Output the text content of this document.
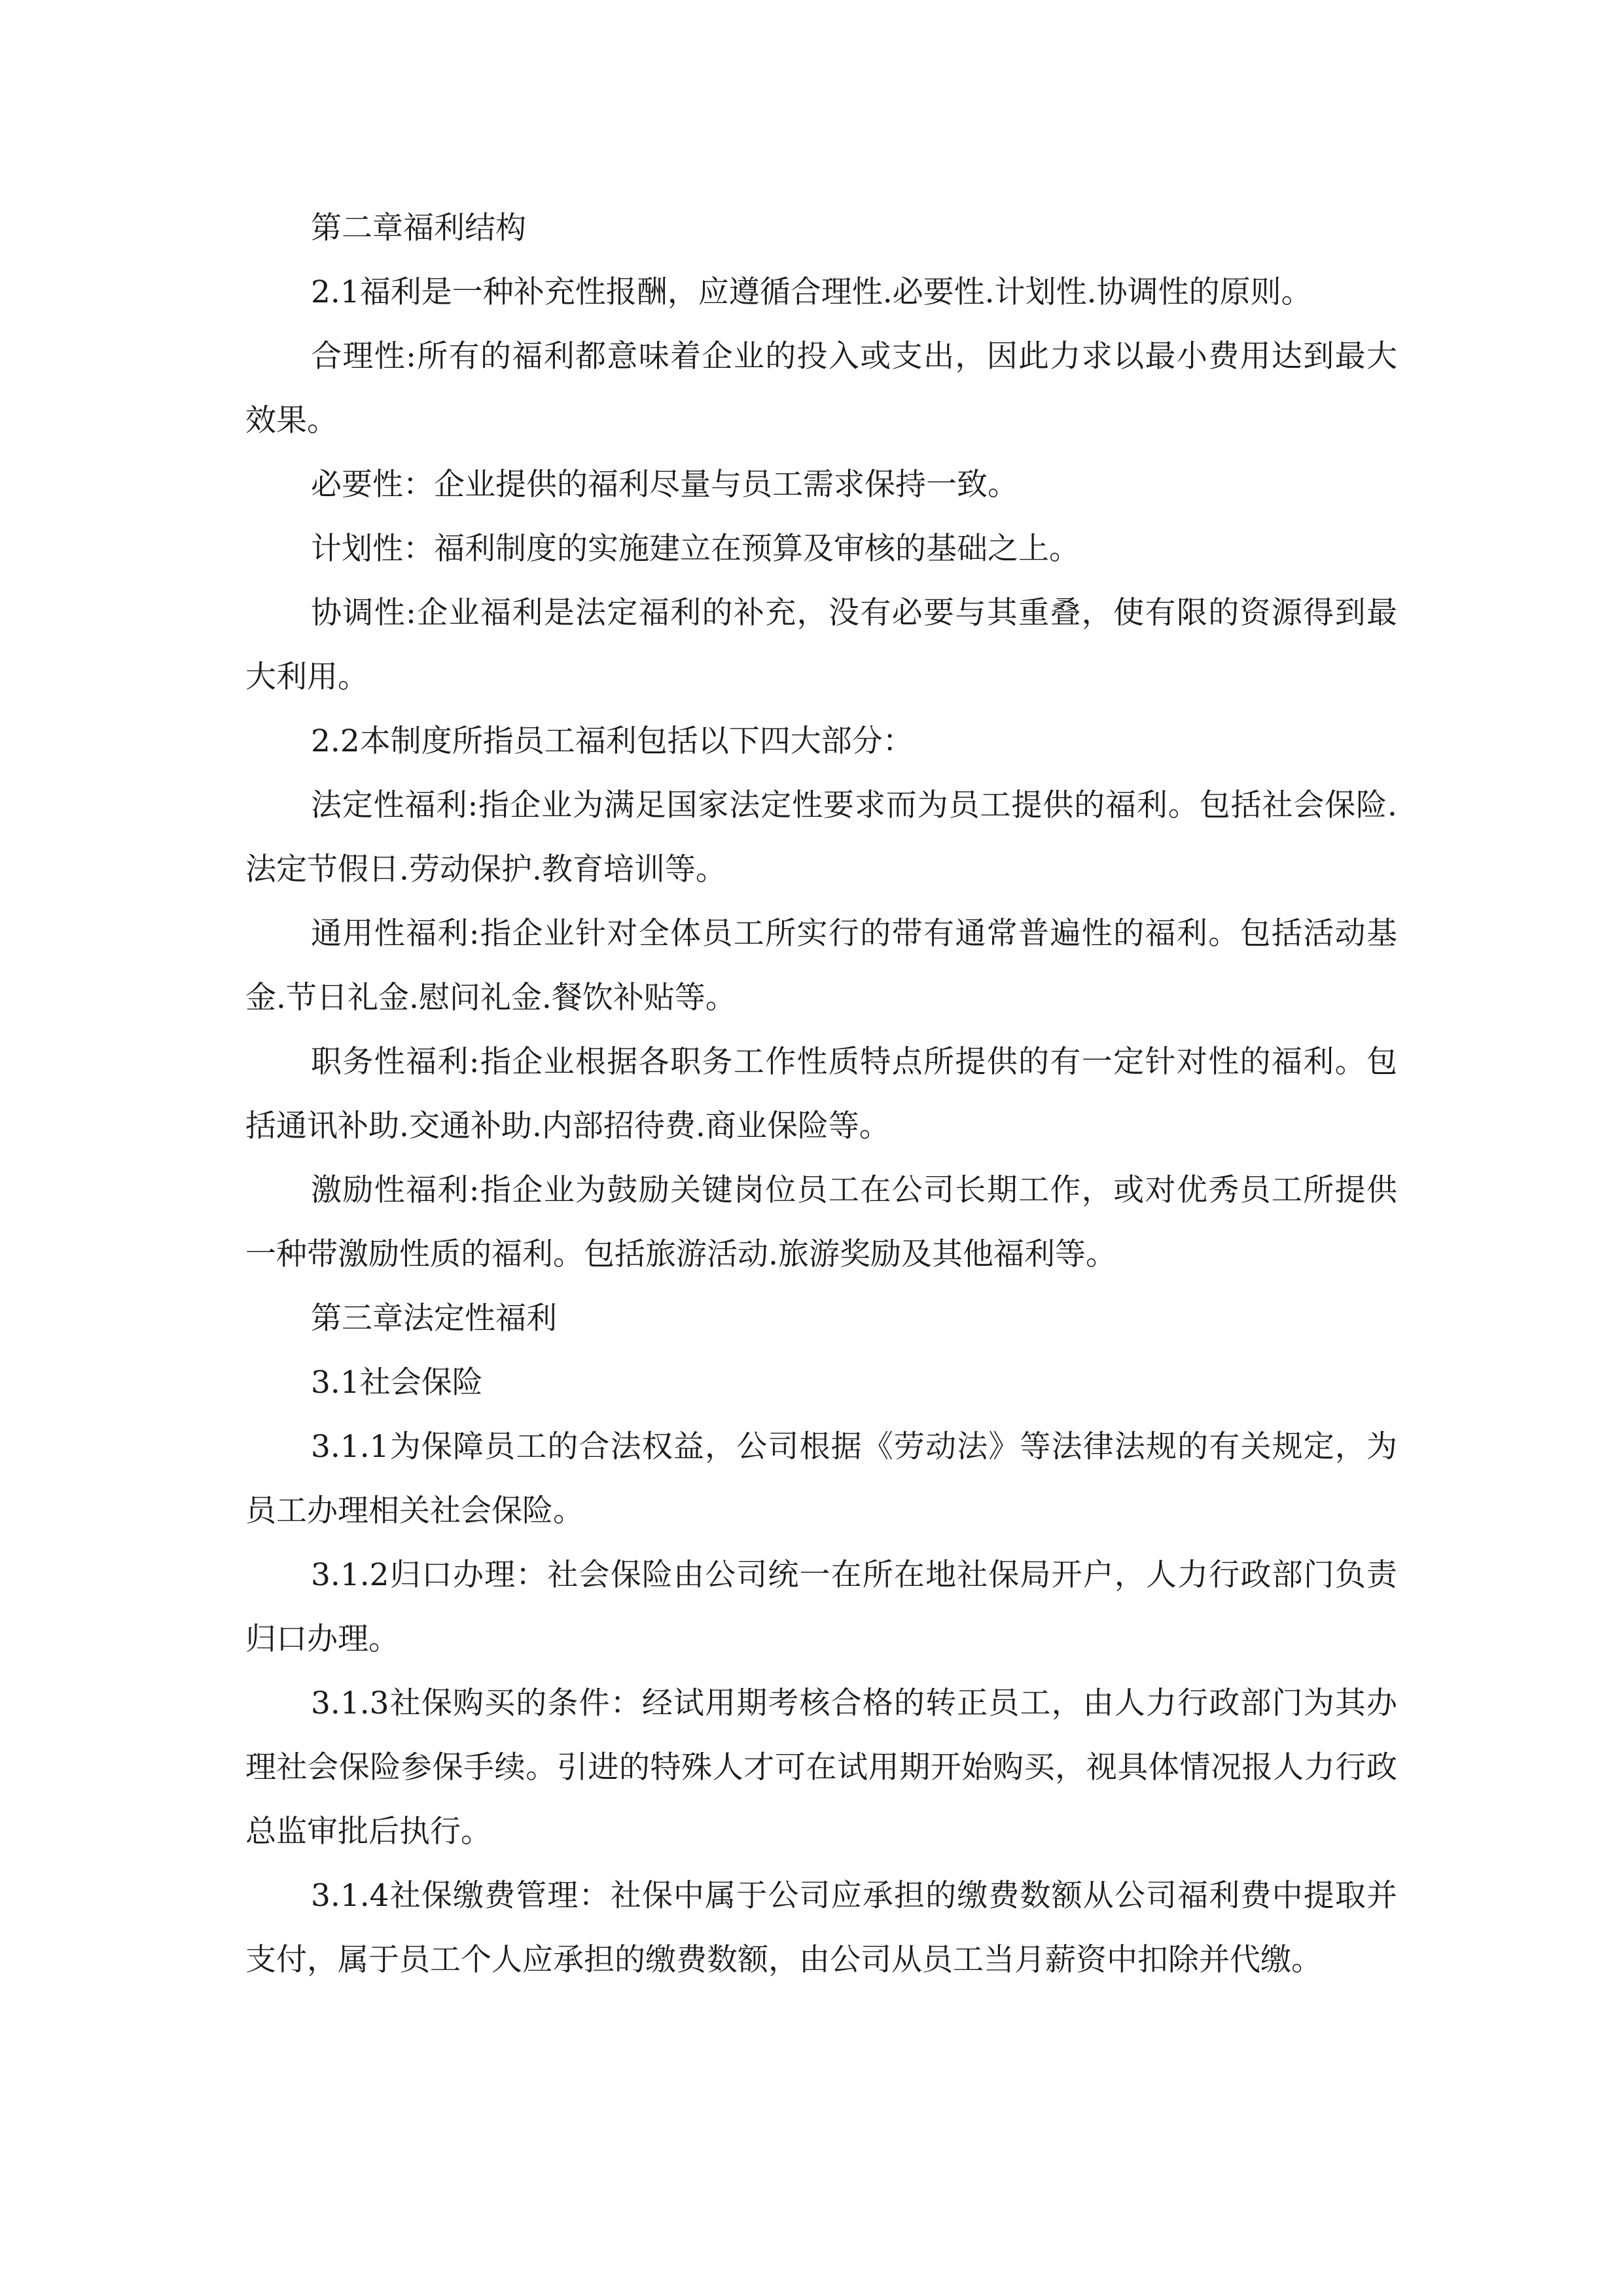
第二章福利结构

2.1福利是一种补充性报酬，应遵循合理性.必要性.计划性.协调性的原则。

合理性:所有的福利都意味着企业的投入或支出，因此力求以最小费用达到最大效果。

必要性：企业提供的福利尽量与员工需求保持一致。

计划性：福利制度的实施建立在预算及审核的基础之上。

协调性:企业福利是法定福利的补充，没有必要与其重叠，使有限的资源得到最大利用。

2.2本制度所指员工福利包括以下四大部分：

法定性福利:指企业为满足国家法定性要求而为员工提供的福利。包括社会保险.法定节假日.劳动保护.教育培训等。

通用性福利:指企业针对全体员工所实行的带有通常普遍性的福利。包括活动基金.节日礼金.慰问礼金.餐饮补贴等。

职务性福利:指企业根据各职务工作性质特点所提供的有一定针对性的福利。包括通讯补助.交通补助.内部招待费.商业保险等。

激励性福利:指企业为鼓励关键岗位员工在公司长期工作，或对优秀员工所提供一种带激励性质的福利。包括旅游活动.旅游奖励及其他福利等。

第三章法定性福利

3.1社会保险

3.1.1为保障员工的合法权益，公司根据《劳动法》等法律法规的有关规定，为员工办理相关社会保险。

3.1.2归口办理：社会保险由公司统一在所在地社保局开户，人力行政部门负责归口办理。

3.1.3社保购买的条件：经试用期考核合格的转正员工，由人力行政部门为其办理社会保险参保手续。引进的特殊人才可在试用期开始购买，视具体情况报人力行政总监审批后执行。

3.1.4社保缴费管理：社保中属于公司应承担的缴费数额从公司福利费中提取并支付，属于员工个人应承担的缴费数额，由公司从员工当月薪资中扣除并代缴。
